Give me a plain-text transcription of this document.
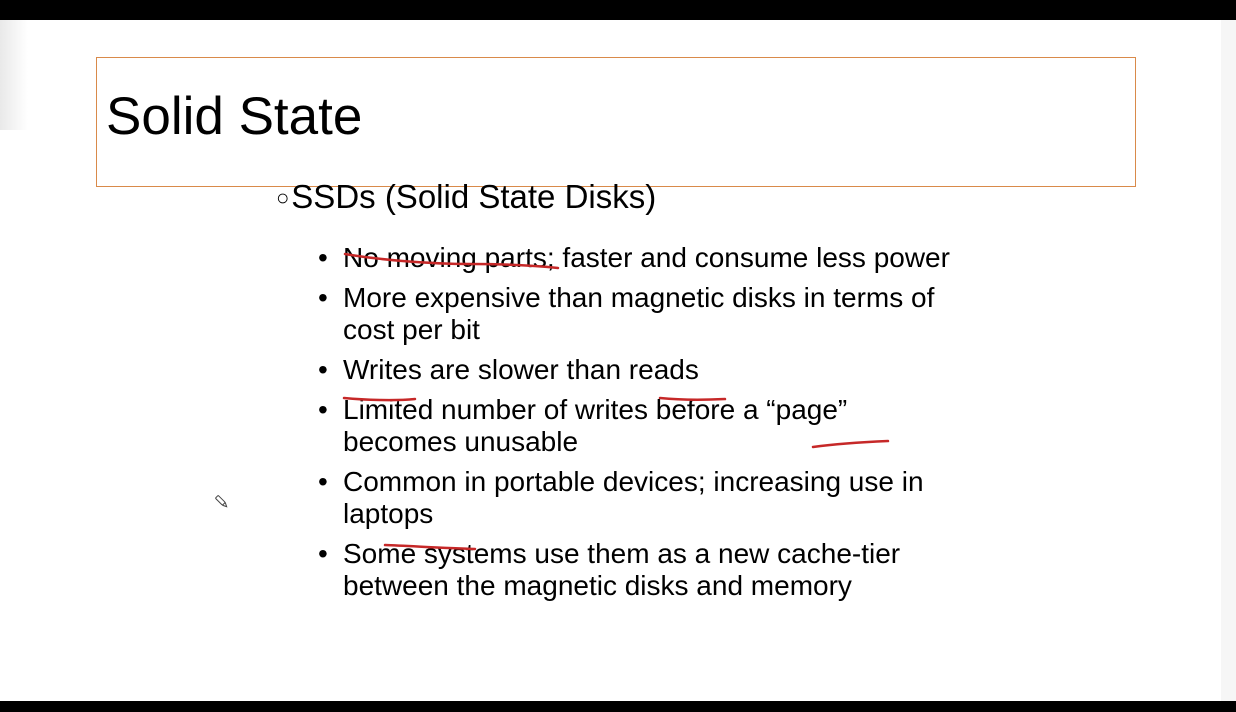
Solid State
○SSDs (Solid State Disks)
• No moving parts; faster and consume less power
• More expensive than magnetic disks in terms of cost per bit
• Writes are slower than reads
• Limited number of writes before a “page” becomes unusable
• Common in portable devices; increasing use in laptops
• Some systems use them as a new cache-tier between the magnetic disks and memory
